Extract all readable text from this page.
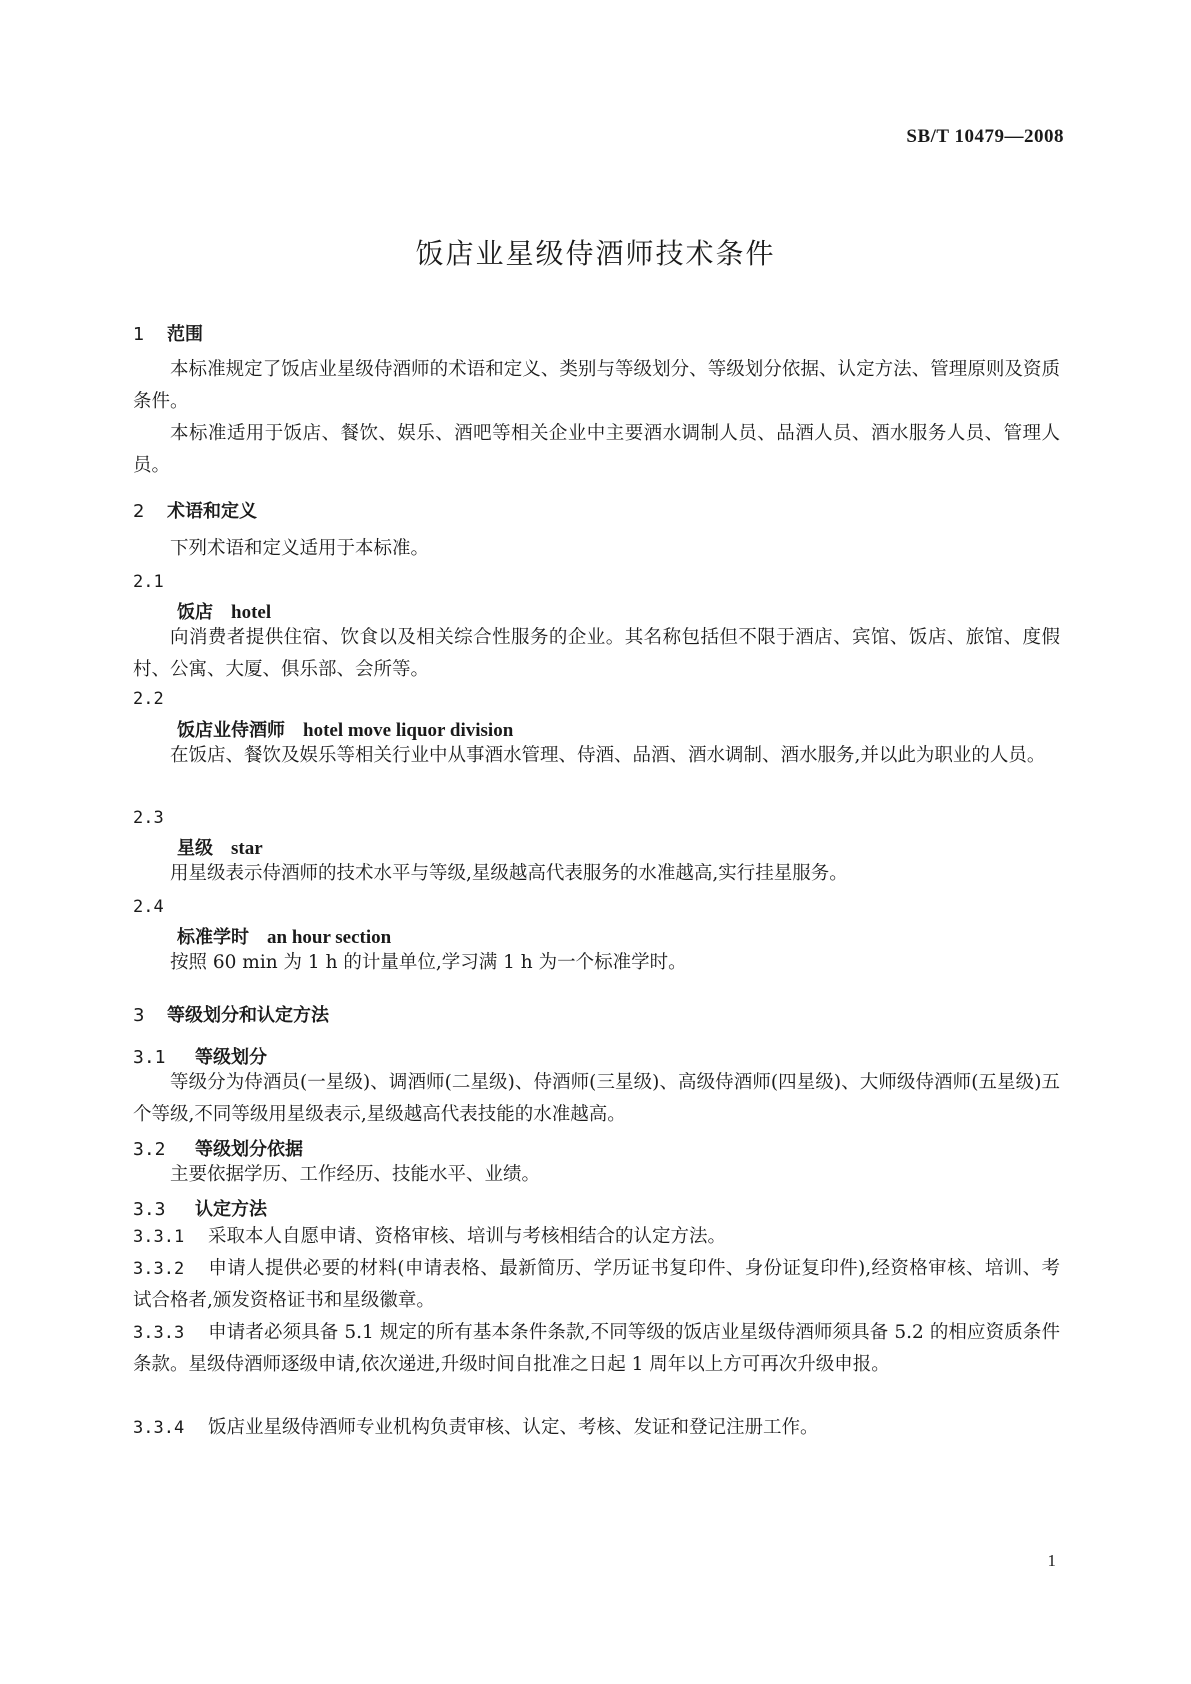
SB/T 10479—2008
饭店业星级侍酒师技术条件
1 范围
本标准规定了饭店业星级侍酒师的术语和定义、类别与等级划分、等级划分依据、认定方法、管理原则及资质条件。
本标准适用于饭店、餐饮、娱乐、酒吧等相关企业中主要酒水调制人员、品酒人员、酒水服务人员、管理人员。
2 术语和定义
下列术语和定义适用于本标准。
2.1
饭店 hotel
向消费者提供住宿、饮食以及相关综合性服务的企业。其名称包括但不限于酒店、宾馆、饭店、旅馆、度假村、公寓、大厦、俱乐部、会所等。
2.2
饭店业侍酒师 hotel move liquor division
在饭店、餐饮及娱乐等相关行业中从事酒水管理、侍酒、品酒、酒水调制、酒水服务,并以此为职业的人员。
2.3
星级 star
用星级表示侍酒师的技术水平与等级,星级越高代表服务的水准越高,实行挂星服务。
2.4
标准学时 an hour section
按照 60 min 为 1 h 的计量单位,学习满 1 h 为一个标准学时。
3 等级划分和认定方法
3.1 等级划分
等级分为侍酒员(一星级)、调酒师(二星级)、侍酒师(三星级)、高级侍酒师(四星级)、大师级侍酒师(五星级)五个等级,不同等级用星级表示,星级越高代表技能的水准越高。
3.2 等级划分依据
主要依据学历、工作经历、技能水平、业绩。
3.3 认定方法
3.3.1 采取本人自愿申请、资格审核、培训与考核相结合的认定方法。
3.3.2 申请人提供必要的材料(申请表格、最新简历、学历证书复印件、身份证复印件),经资格审核、培训、考试合格者,颁发资格证书和星级徽章。
3.3.3 申请者必须具备 5.1 规定的所有基本条件条款,不同等级的饭店业星级侍酒师须具备 5.2 的相应资质条件条款。星级侍酒师逐级申请,依次递进,升级时间自批准之日起 1 周年以上方可再次升级申报。
3.3.4 饭店业星级侍酒师专业机构负责审核、认定、考核、发证和登记注册工作。
1
